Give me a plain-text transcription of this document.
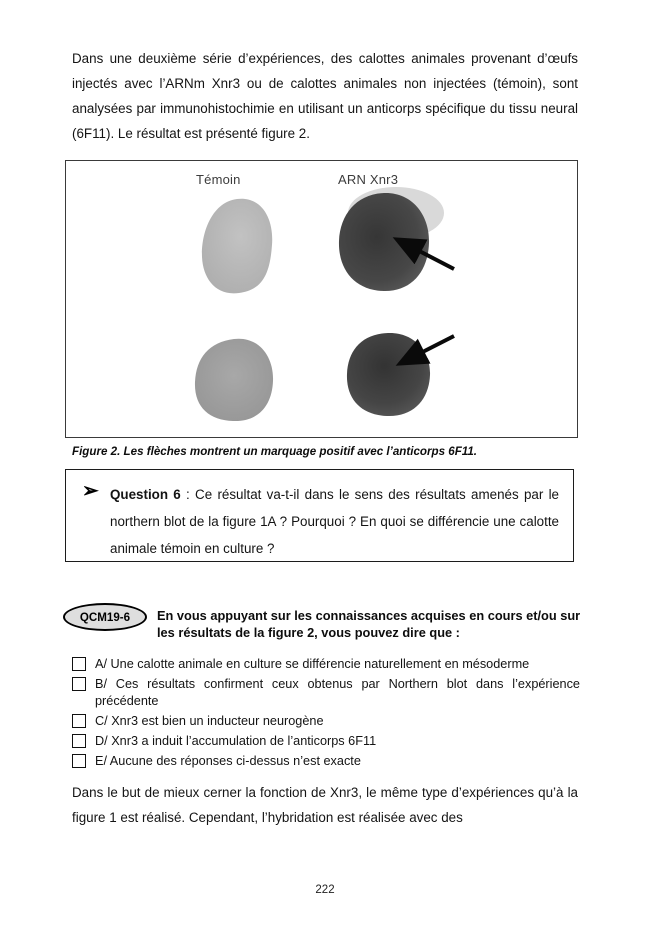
Dans une deuxième série d’expériences, des calottes animales provenant d’œufs injectés avec l’ARNm Xnr3 ou de calottes animales non injectées (témoin), sont analysées par immunohistochimie en utilisant un anticorps spécifique du tissu neural (6F11). Le résultat est présenté figure 2.
Témoin	ARN Xnr3
Figure 2. Les flèches montrent un marquage positif avec l’anticorps 6F11.
➢ Question 6 : Ce résultat va-t-il dans le sens des résultats amenés par le northern blot de la figure 1A ? Pourquoi ? En quoi se différencie une calotte animale témoin en culture ?
QCM19-6	En vous appuyant sur les connaissances acquises en cours et/ou sur les résultats de la figure 2, vous pouvez dire que :
A/ Une calotte animale en culture se différencie naturellement en mésoderme
B/ Ces résultats confirment ceux obtenus par Northern blot dans l’expérience précédente
C/ Xnr3 est bien un inducteur neurogène
D/ Xnr3 a induit l’accumulation de l’anticorps 6F11
E/ Aucune des réponses ci-dessus n’est exacte
Dans le but de mieux cerner la fonction de Xnr3, le même type d’expériences qu’à la figure 1 est réalisé. Cependant, l’hybridation est réalisée avec des
222
